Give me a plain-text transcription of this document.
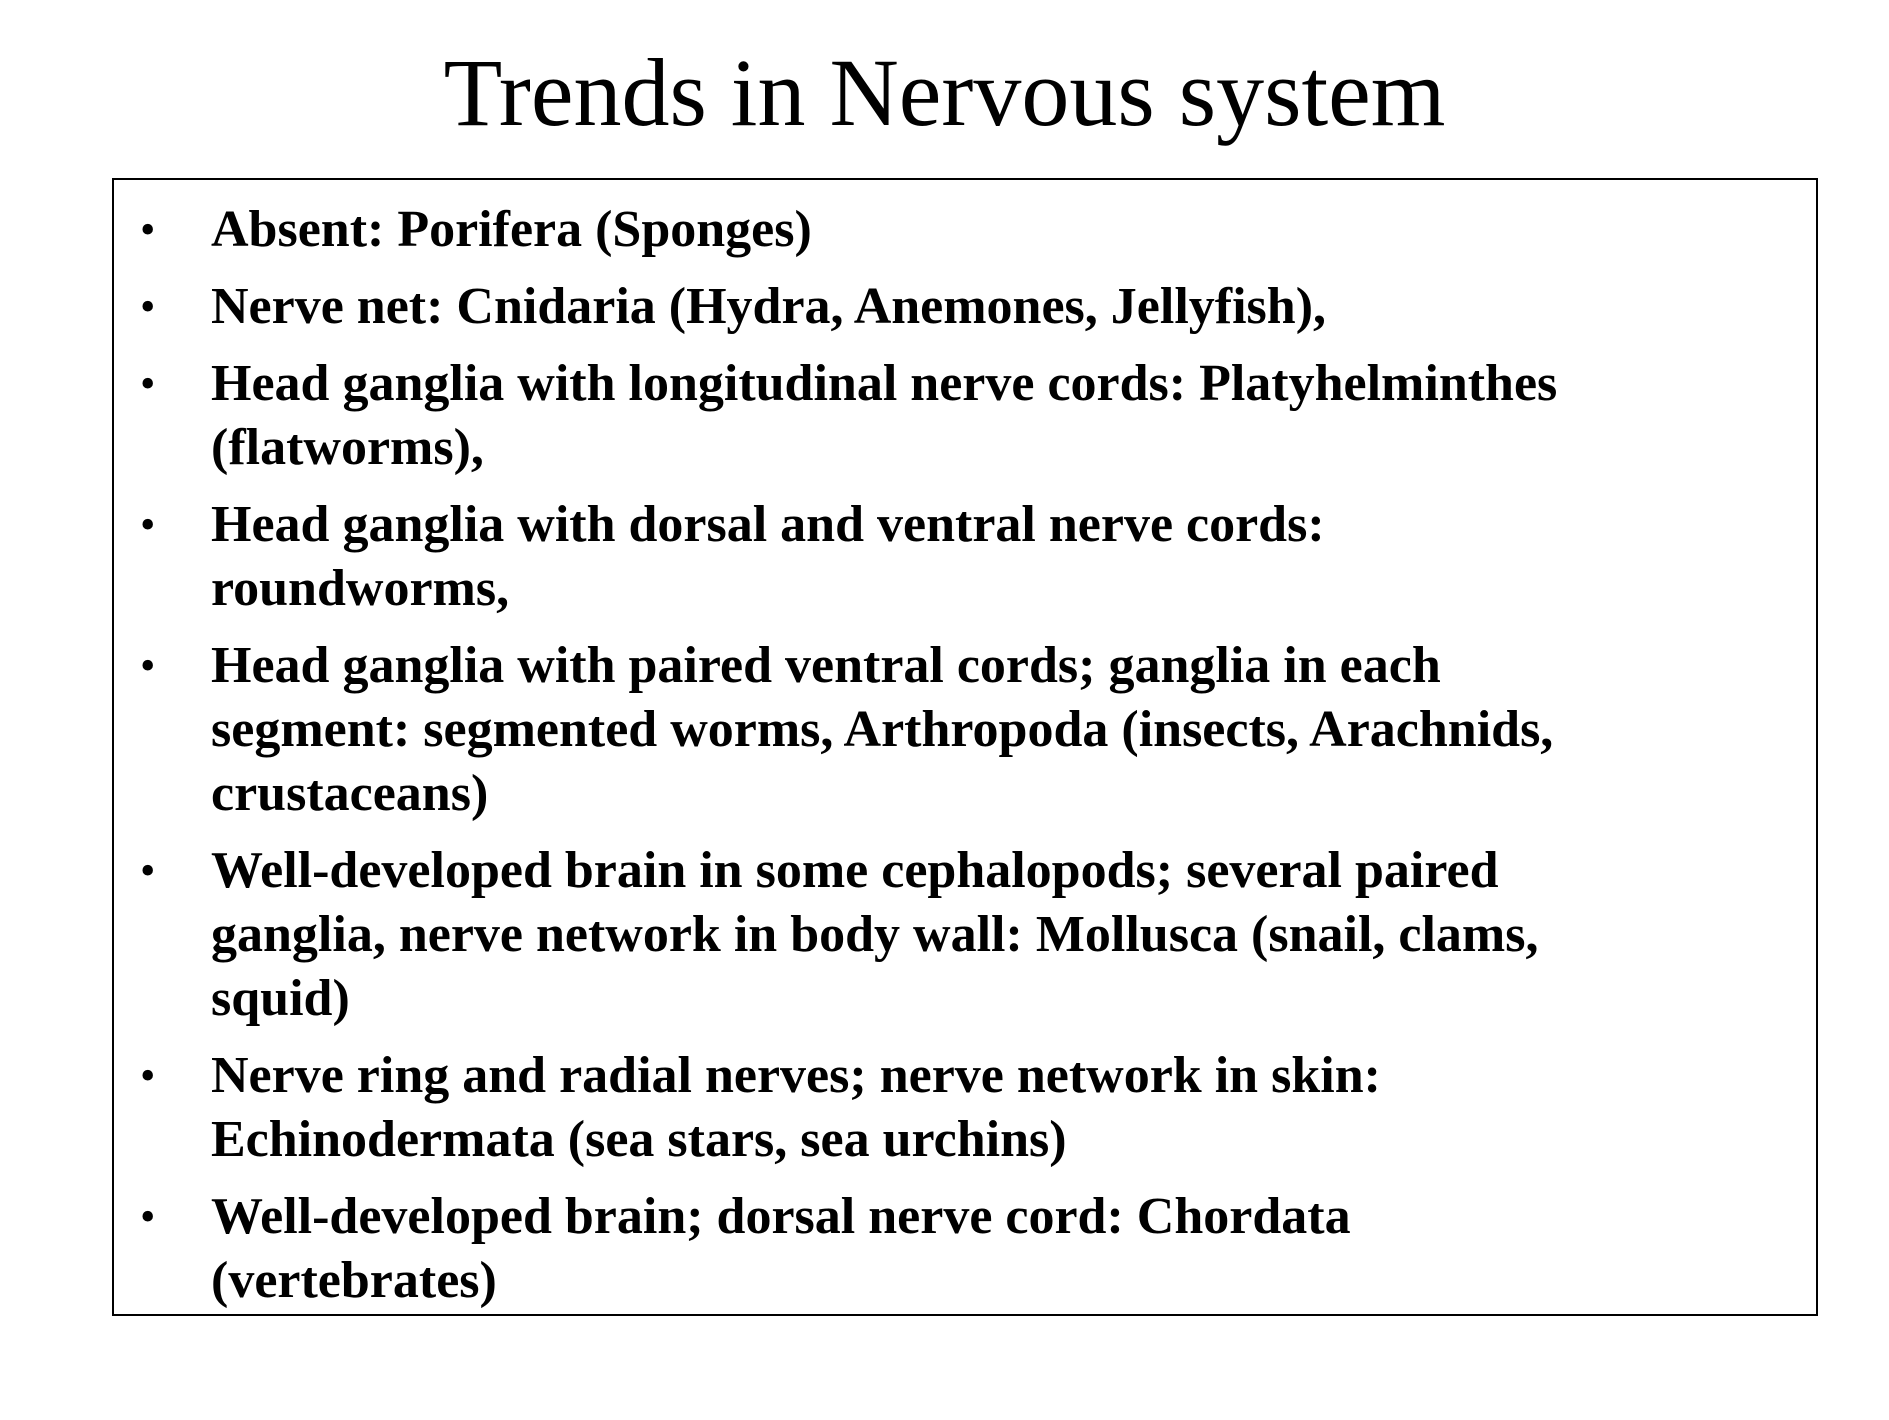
Trends in Nervous system
• Absent: Porifera (Sponges)
• Nerve net: Cnidaria (Hydra, Anemones, Jellyfish),
• Head ganglia with longitudinal nerve cords: Platyhelminthes
(flatworms),
• Head ganglia with dorsal and ventral nerve cords:
roundworms,
• Head ganglia with paired ventral cords; ganglia in each
segment: segmented worms, Arthropoda (insects, Arachnids,
crustaceans)
• Well-developed brain in some cephalopods; several paired
ganglia, nerve network in body wall: Mollusca (snail, clams,
squid)
• Nerve ring and radial nerves; nerve network in skin:
Echinodermata (sea stars, sea urchins)
• Well-developed brain; dorsal nerve cord: Chordata
(vertebrates)
